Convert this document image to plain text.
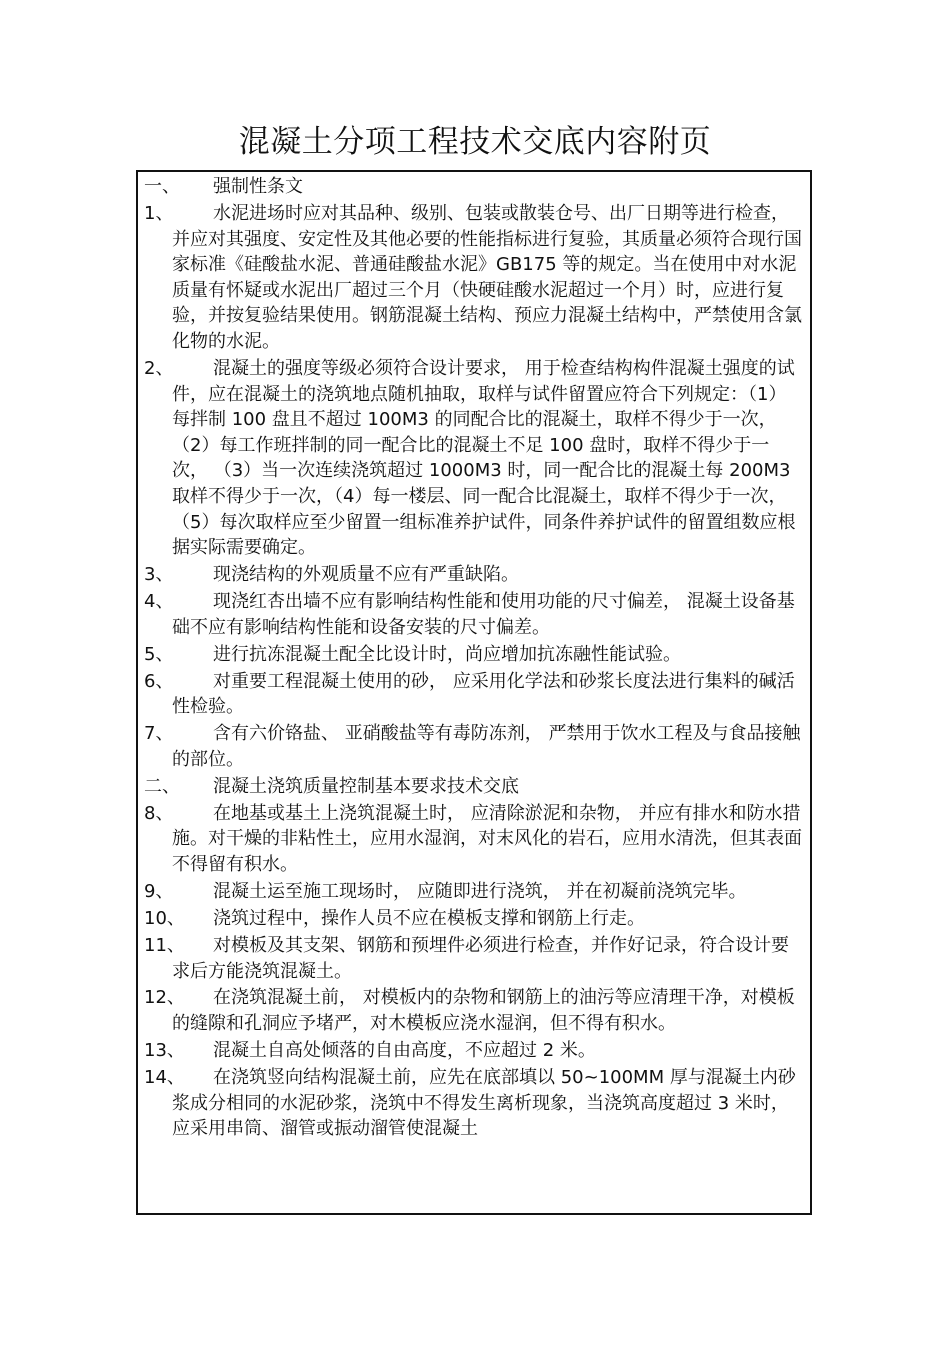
混凝土分项工程技术交底内容附页
一、	强制性条文
1、	水泥进场时应对其品种、级别、包装或散装仓号、出厂日期等进行检查，并应对其强度、安定性及其他必要的性能指标进行复验，其质量必须符合现行国家标准《硅酸盐水泥、普通硅酸盐水泥》GB175 等的规定。当在使用中对水泥质量有怀疑或水泥出厂超过三个月（快硬硅酸水泥超过一个月）时，应进行复验，并按复验结果使用。钢筋混凝土结构、预应力混凝土结构中，严禁使用含氯化物的水泥。
2、	混凝土的强度等级必须符合设计要求， 用于检查结构构件混凝土强度的试件，应在混凝土的浇筑地点随机抽取，取样与试件留置应符合下列规定：（1）每拌制 100 盘且不超过 100M3 的同配合比的混凝土，取样不得少于一次， （2）每工作班拌制的同一配合比的混凝土不足 100 盘时，取样不得少于一次， （3）当一次连续浇筑超过 1000M3 时，同一配合比的混凝土每 200M3 取样不得少于一次，（4）每一楼层、同一配合比混凝土，取样不得少于一次，（5）每次取样应至少留置一组标准养护试件，同条件养护试件的留置组数应根据实际需要确定。
3、	现浇结构的外观质量不应有严重缺陷。
4、	现浇红杏出墙不应有影响结构性能和使用功能的尺寸偏差， 混凝土设备基础不应有影响结构性能和设备安装的尺寸偏差。
5、	进行抗冻混凝土配全比设计时，尚应增加抗冻融性能试验。
6、	对重要工程混凝土使用的砂， 应采用化学法和砂浆长度法进行集料的碱活性检验。
7、	含有六价铬盐、 亚硝酸盐等有毒防冻剂， 严禁用于饮水工程及与食品接触的部位。
二、	混凝土浇筑质量控制基本要求技术交底
8、	在地基或基土上浇筑混凝土时， 应清除淤泥和杂物， 并应有排水和防水措施。对干燥的非粘性土，应用水湿润，对末风化的岩石，应用水清洗，但其表面不得留有积水。
9、	混凝土运至施工现场时， 应随即进行浇筑， 并在初凝前浇筑完毕。
10、	浇筑过程中，操作人员不应在模板支撑和钢筋上行走。
11、	对模板及其支架、钢筋和预埋件必须进行检查，并作好记录，符合设计要求后方能浇筑混凝土。
12、	在浇筑混凝土前， 对模板内的杂物和钢筋上的油污等应清理干净，对模板的缝隙和孔洞应予堵严，对木模板应浇水湿润，但不得有积水。
13、	混凝土自高处倾落的自由高度，不应超过 2 米。
14、	在浇筑竖向结构混凝土前，应先在底部填以 50~100MM 厚与混凝土内砂浆成分相同的水泥砂浆，浇筑中不得发生离析现象，当浇筑高度超过 3 米时，应采用串筒、溜管或振动溜管使混凝土
